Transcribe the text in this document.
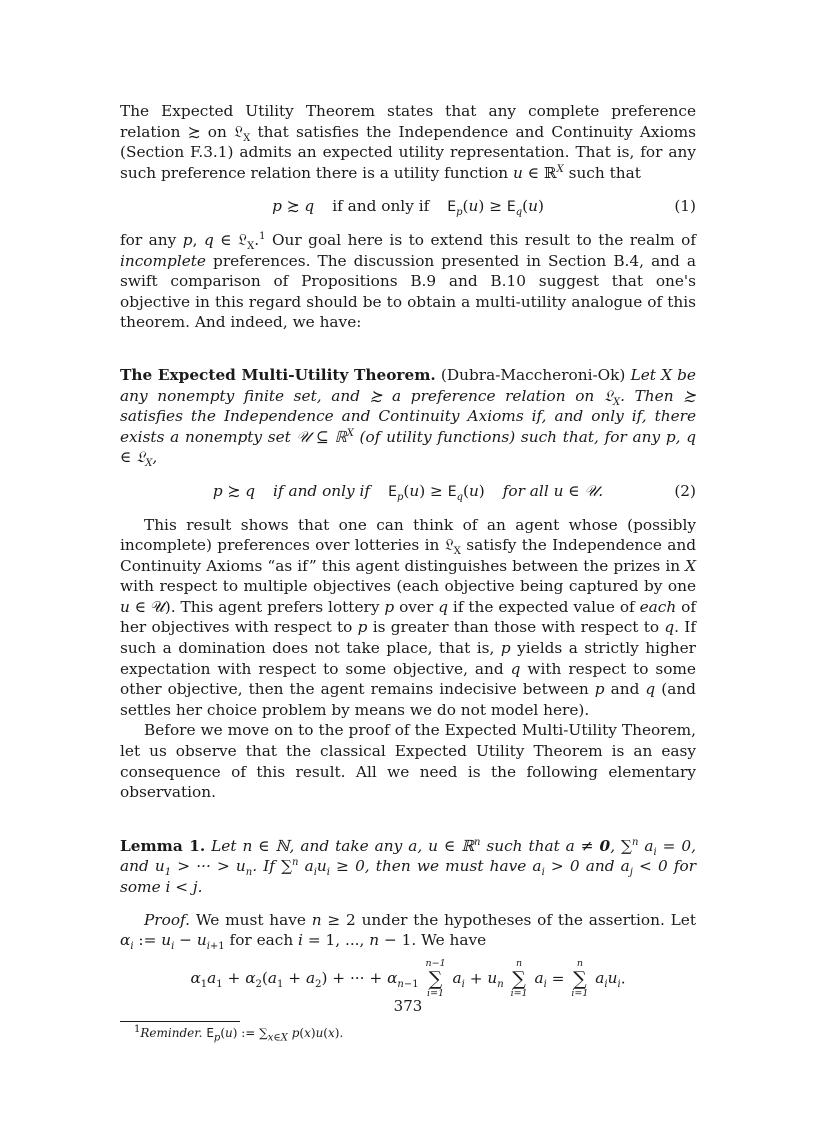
The Expected Utility Theorem states that any complete preference relation ≿ on 𝔏$_X$ that satisfies the Independence and Continuity Axioms (Section F.3.1) admits an expected utility representation. That is, for any such preference relation there is a utility function u ∈ ℝ$^X$ such that

p ≿ q if and only if $E_p(u) \ge E_q(u)$	(1)

for any p, q ∈ 𝔏$_X$.$^1$ Our goal here is to extend this result to the realm of incomplete preferences. The discussion presented in Section B.4, and a swift comparison of Propositions B.9 and B.10 suggest that one's objective in this regard should be to obtain a multi-utility analogue of this theorem. And indeed, we have:

The Expected Multi-Utility Theorem. (Dubra-Maccheroni-Ok) Let X be any nonempty finite set, and ≿ a preference relation on 𝔏$_X$. Then ≿ satisfies the Independence and Continuity Axioms if, and only if, there exists a nonempty set 𝒰 ⊆ ℝ$^X$ (of utility functions) such that, for any p, q ∈ 𝔏$_X$,

p ≿ q if and only if $E_p(u) \ge E_q(u)$ for all u ∈ 𝒰.	(2)

This result shows that one can think of an agent whose (possibly incomplete) preferences over lotteries in 𝔏$_X$ satisfy the Independence and Continuity Axioms “as if” this agent distinguishes between the prizes in X with respect to multiple objectives (each objective being captured by one u ∈ 𝒰). This agent prefers lottery p over q if the expected value of each of her objectives with respect to p is greater than those with respect to q. If such a domination does not take place, that is, p yields a strictly higher expectation with respect to some objective, and q with respect to some other objective, then the agent remains indecisive between p and q (and settles her choice problem by means we do not model here).

Before we move on to the proof of the Expected Multi-Utility Theorem, let us observe that the classical Expected Utility Theorem is an easy consequence of this result. All we need is the following elementary observation.

Lemma 1. Let n ∈ ℕ, and take any a, u ∈ ℝ$^n$ such that a ≠ 0, ∑$^n$ $a_i = 0$, and $u_1$ > ··· > $u_n$. If ∑$^n$ $a_iu_i \ge 0$, then we must have $a_i > 0$ and $a_j < 0$ for some i < j.

Proof. We must have n ≥ 2 under the hypotheses of the assertion. Let $\alpha_i$ := $u_i - u_{i+1}$ for each i = 1, ..., n − 1. We have

$\alpha_1a_1 + \alpha_2(a_1 + a_2)$ + ··· + $\alpha_{n-1}$
n−1
∑
i=1
$a_i + u_n$
n
∑
i=1
$a_i$ =
n
∑
i=1
$a_iu_i$.
$^1$Reminder. $E_p(u)$ := $\sum_{x\in X}$ p(x)u(x).
373
